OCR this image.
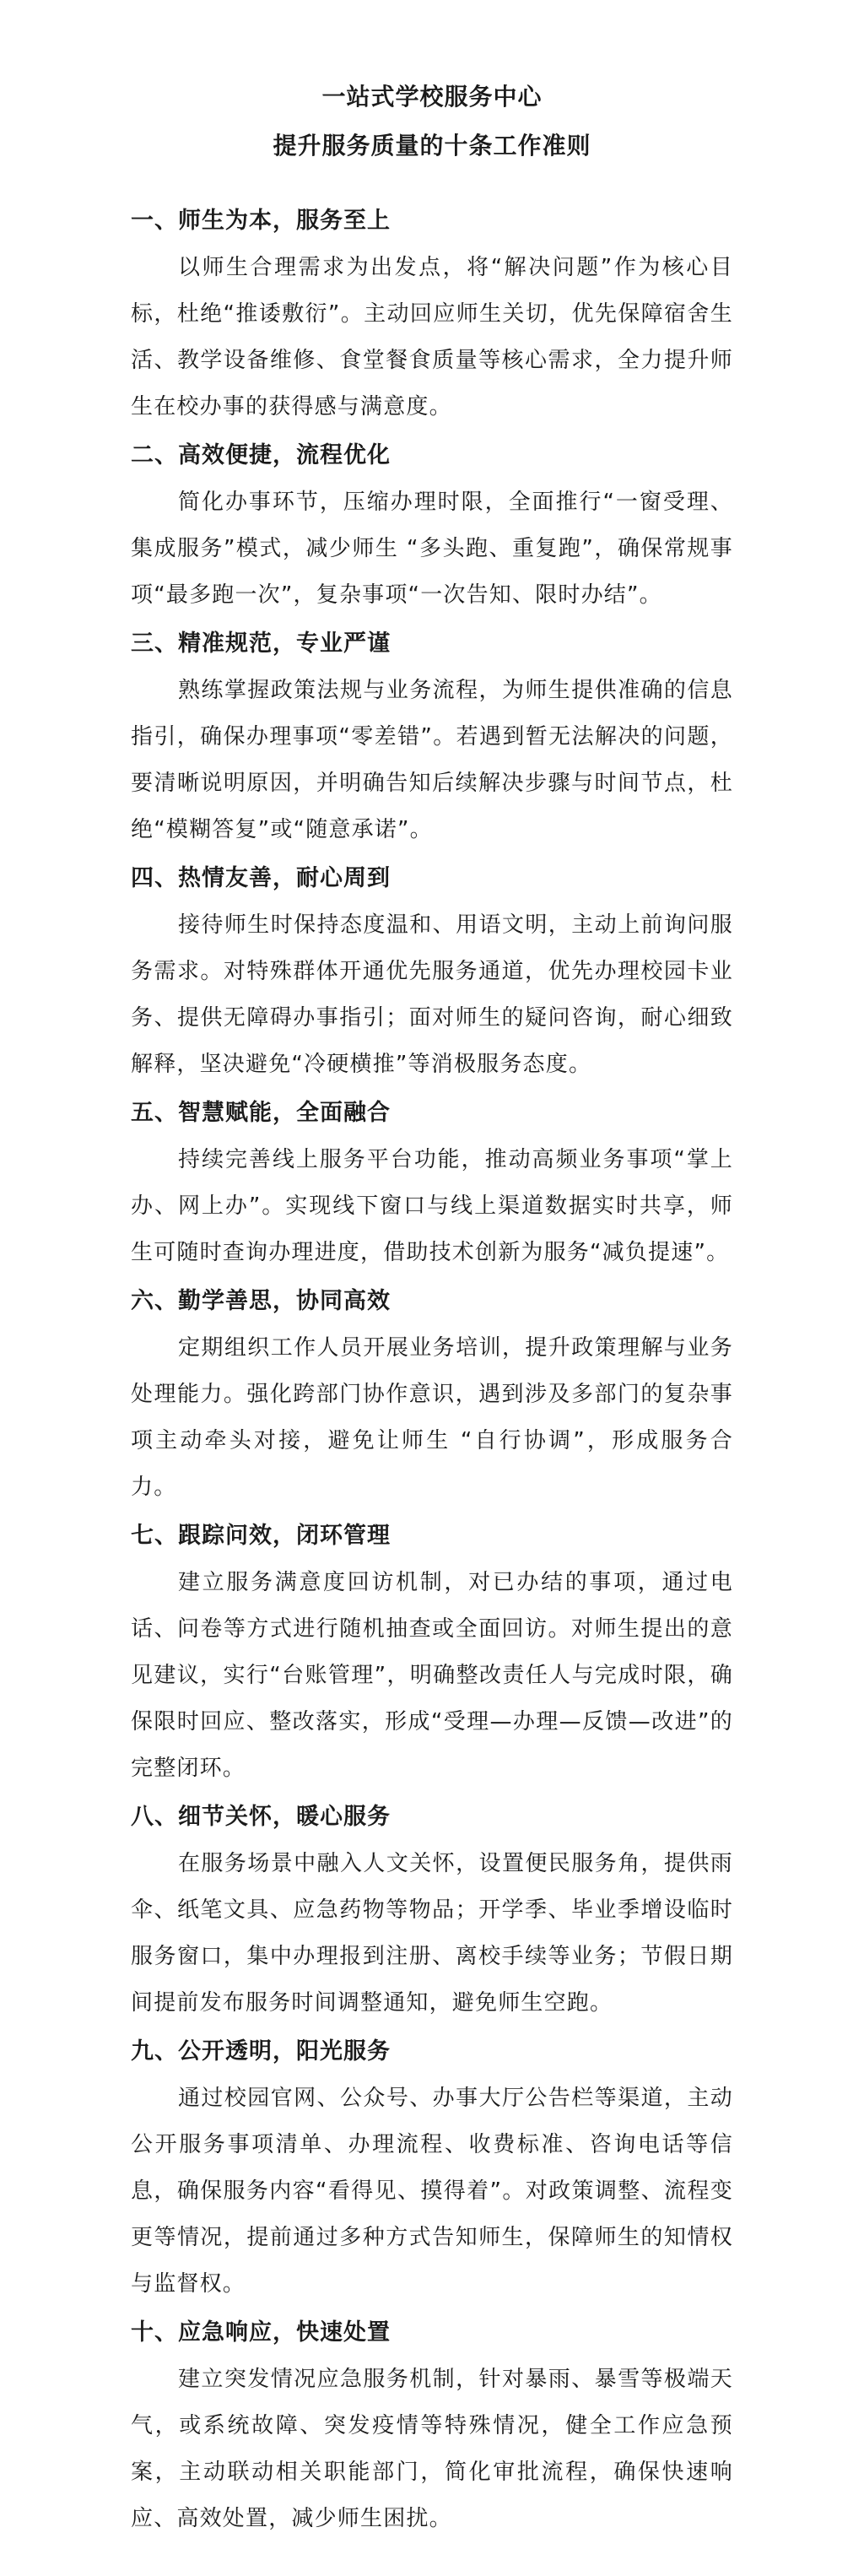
一站式学校服务中心
提升服务质量的十条工作准则

一、师生为本，服务至上

以师生合理需求为出发点，将“解决问题”作为核心目标，杜绝“推诿敷衍”。主动回应师生关切，优先保障宿舍生活、教学设备维修、食堂餐食质量等核心需求，全力提升师生在校办事的获得感与满意度。

二、高效便捷，流程优化

简化办事环节，压缩办理时限，全面推行“一窗受理、集成服务”模式，减少师生 “多头跑、重复跑”，确保常规事项“最多跑一次”，复杂事项“一次告知、限时办结”。

三、精准规范，专业严谨

熟练掌握政策法规与业务流程，为师生提供准确的信息指引，确保办理事项“零差错”。若遇到暂无法解决的问题，要清晰说明原因，并明确告知后续解决步骤与时间节点，杜绝“模糊答复”或“随意承诺”。

四、热情友善，耐心周到

接待师生时保持态度温和、用语文明，主动上前询问服务需求。对特殊群体开通优先服务通道，优先办理校园卡业务、提供无障碍办事指引；面对师生的疑问咨询，耐心细致解释，坚决避免“冷硬横推”等消极服务态度。

五、智慧赋能，全面融合

持续完善线上服务平台功能，推动高频业务事项“掌上办、网上办”。实现线下窗口与线上渠道数据实时共享，师生可随时查询办理进度，借助技术创新为服务“减负提速”。

六、勤学善思，协同高效

定期组织工作人员开展业务培训，提升政策理解与业务处理能力。强化跨部门协作意识，遇到涉及多部门的复杂事项主动牵头对接，避免让师生 “自行协调”，形成服务合力。

七、跟踪问效，闭环管理

建立服务满意度回访机制，对已办结的事项，通过电话、问卷等方式进行随机抽查或全面回访。对师生提出的意见建议，实行“台账管理”，明确整改责任人与完成时限，确保限时回应、整改落实，形成“受理—办理—反馈—改进”的完整闭环。

八、细节关怀，暖心服务

在服务场景中融入人文关怀，设置便民服务角，提供雨伞、纸笔文具、应急药物等物品；开学季、毕业季增设临时服务窗口，集中办理报到注册、离校手续等业务；节假日期间提前发布服务时间调整通知，避免师生空跑。

九、公开透明，阳光服务

通过校园官网、公众号、办事大厅公告栏等渠道，主动公开服务事项清单、办理流程、收费标准、咨询电话等信息，确保服务内容“看得见、摸得着”。对政策调整、流程变更等情况，提前通过多种方式告知师生，保障师生的知情权与监督权。

十、应急响应，快速处置

建立突发情况应急服务机制，针对暴雨、暴雪等极端天气，或系统故障、突发疫情等特殊情况，健全工作应急预案，主动联动相关职能部门，简化审批流程，确保快速响应、高效处置，减少师生困扰。
